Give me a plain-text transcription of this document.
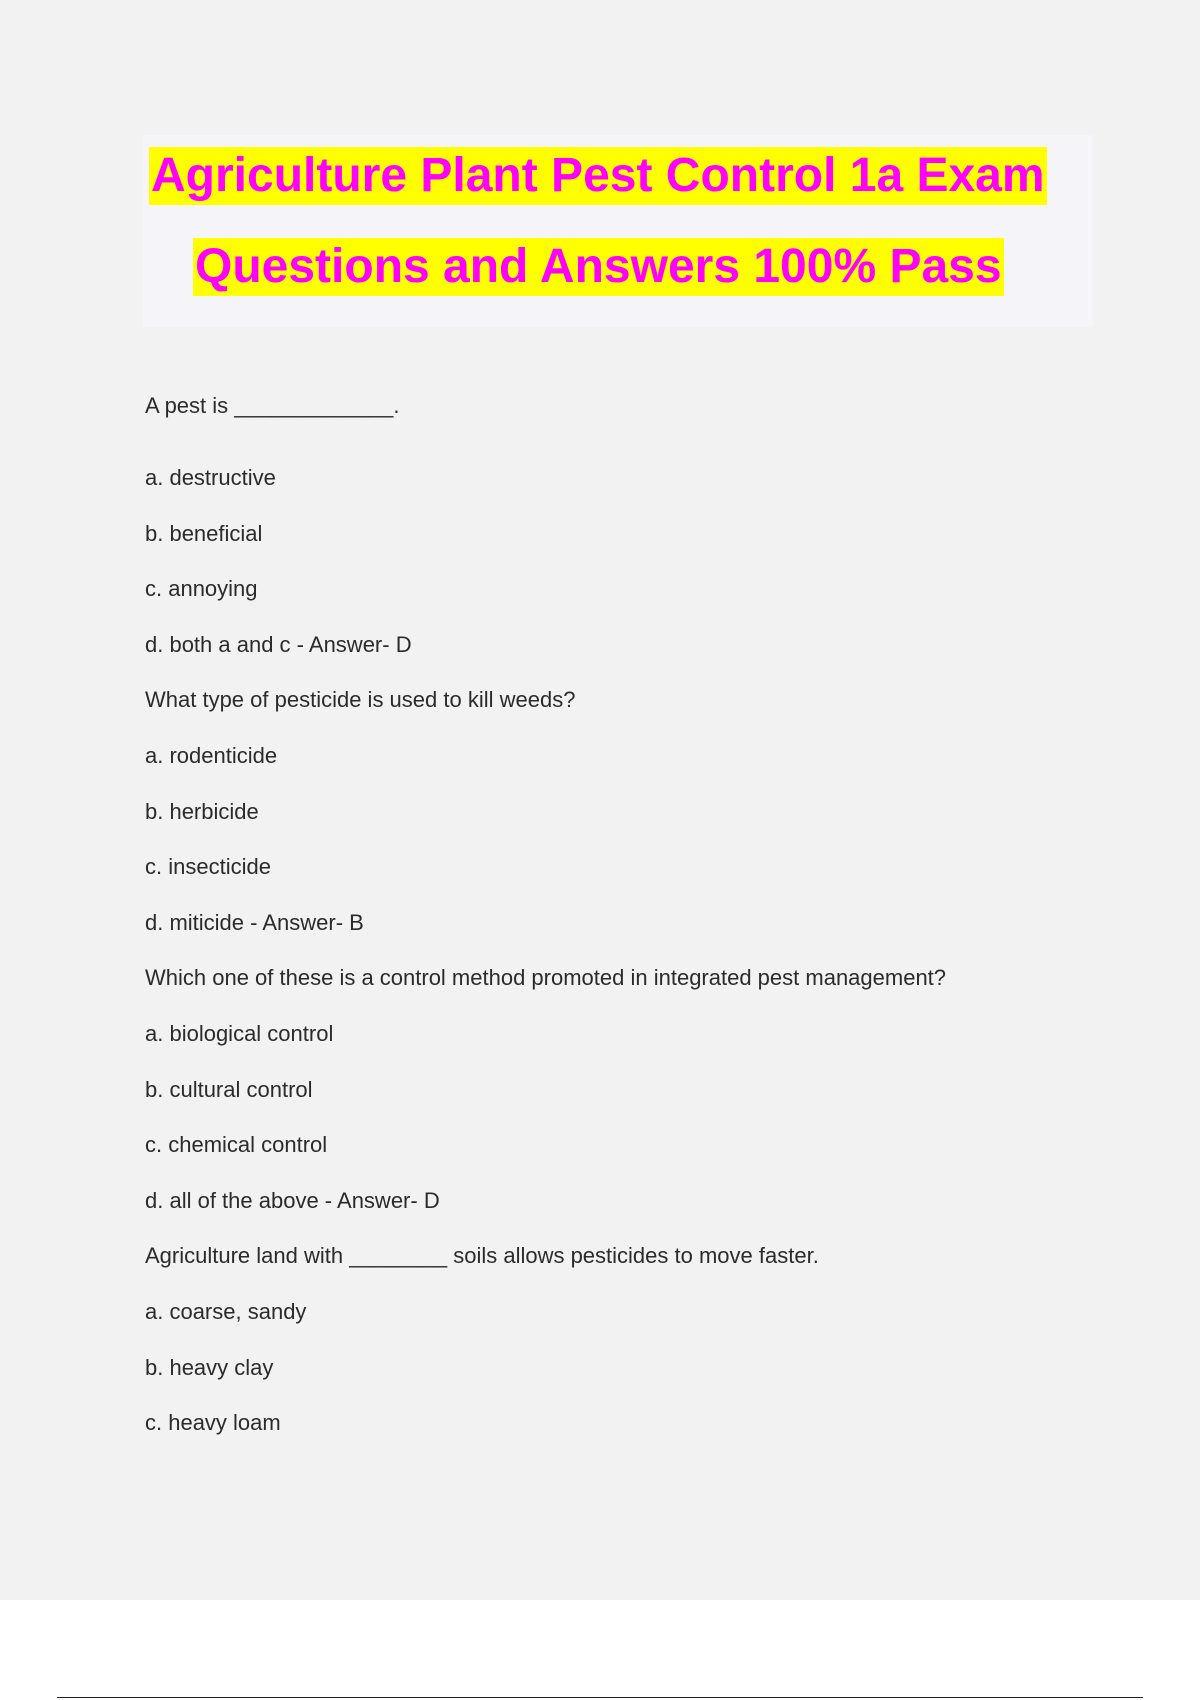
Agriculture Plant Pest Control 1a Exam
Questions and Answers 100% Pass
A pest is _____________.
a. destructive
b. beneficial
c. annoying
d. both a and c - Answer- D
What type of pesticide is used to kill weeds?
a. rodenticide
b. herbicide
c. insecticide
d. miticide - Answer- B
Which one of these is a control method promoted in integrated pest management?
a. biological control
b. cultural control
c. chemical control
d. all of the above - Answer- D
Agriculture land with ________ soils allows pesticides to move faster.
a. coarse, sandy
b. heavy clay
c. heavy loam
